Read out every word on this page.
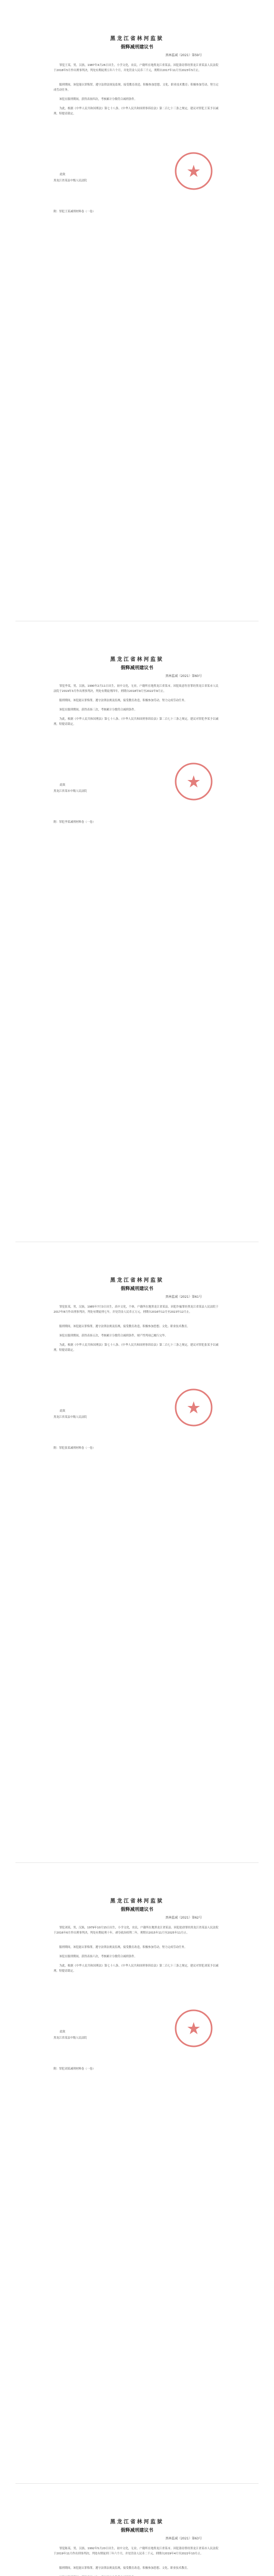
黑龙江省林河监狱
假释减刑建议书
黑林监减（2021）第59号
罪犯王某，男，汉族，1987年4月26日出生，小学文化，农民，户籍所在地黑龙江省某县。因犯盗窃罪经黑龙江省某县人民法院于2018年5月作出刑事判决，判处有期徒刑五年六个月，并处罚金人民币三千元，刑期自2017年11月至2023年5月止。
服刑期间，该犯能认罪悔罪，遵守法律法规及监规，接受教育改造，积极参加思想、文化、职业技术教育；积极参加劳动，努力完成劳动任务。
该犯在服刑期间，获得表扬四次，考核累计分数符合减刑条件。
为此，根据《中华人民共和国刑法》第七十八条、《中华人民共和国刑事诉讼法》第二百七十三条之规定，建议对罪犯王某予以减刑。特提请裁定。
此致
黑龙江省某县中级人民法院
附：罪犯王某减刑材料卷（一卷）
黑龙江省林河监狱
假释减刑建议书
黑林监减（2021）第60号
罪犯李某，男，汉族，1990年2月11日出生，初中文化，无业，户籍所在地黑龙江省某市。因犯故意伤害罪经黑龙江省某市人民法院于2019年3月作出刑事判决，判处有期徒刑四年，刑期自2018年9月至2022年9月止。
服刑期间，该犯能认罪悔罪，遵守法律法规及监规，接受教育改造，积极参加劳动，努力完成劳动任务。
该犯在服刑期间，获得表扬三次，考核累计分数符合减刑条件。
为此，根据《中华人民共和国刑法》第七十八条、《中华人民共和国刑事诉讼法》第二百七十三条之规定，建议对罪犯李某予以减刑。特提请裁定。
此致
黑龙江省某市中级人民法院
附：罪犯李某减刑材料卷（一卷）
黑龙江省林河监狱
假释减刑建议书
黑林监减（2021）第61号
罪犯张某，男，汉族，1985年7月3日出生，高中文化，个体，户籍所在地黑龙江省某县。因犯诈骗罪经黑龙江省某县人民法院于2017年8月作出刑事判决，判处有期徒刑七年，并处罚金人民币五万元，刑期自2016年12月至2023年12月止。
服刑期间，该犯能认罪悔罪，遵守法律法规及监规，接受教育改造，积极参加思想、文化、职业技术教育。
该犯在服刑期间，获得表扬五次，考核累计分数符合减刑条件，财产性判项已履行完毕。
为此，根据《中华人民共和国刑法》第七十八条、《中华人民共和国刑事诉讼法》第二百七十三条之规定，建议对罪犯张某予以减刑。特提请裁定。
此致
黑龙江省某县中级人民法院
附：罪犯张某减刑材料卷（一卷）
黑龙江省林河监狱
假释减刑建议书
黑林监减（2021）第62号
罪犯刘某，男，汉族，1979年10月15日出生，小学文化，农民，户籍所在地黑龙江省某县。因犯抢劫罪经黑龙江省某县人民法院于2016年6月作出刑事判决，判处有期徒刑十年，剥夺政治权利二年，刑期自2015年11月至2025年11月止。
服刑期间，该犯能认罪悔罪，遵守法律法规及监规，接受教育改造，积极参加劳动，努力完成劳动任务。
该犯在服刑期间，获得表扬六次，考核累计分数符合减刑条件。
为此，根据《中华人民共和国刑法》第七十八条、《中华人民共和国刑事诉讼法》第二百七十三条之规定，建议对罪犯刘某予以减刑。特提请裁定。
此致
黑龙江省某县中级人民法院
附：罪犯刘某减刑材料卷（一卷）
黑龙江省林河监狱
假释减刑建议书
黑林监减（2021）第63号
罪犯陈某，男，汉族，1992年5月20日出生，初中文化，无业，户籍所在地黑龙江省某市。因犯盗窃罪经黑龙江省某市人民法院于2019年11月作出刑事判决，判处有期徒刑三年六个月，并处罚金人民币二千元，刑期自2019年4月至2022年10月止。
服刑期间，该犯能认罪悔罪，遵守法律法规及监规，接受教育改造，积极参加思想、文化、职业技术教育。
